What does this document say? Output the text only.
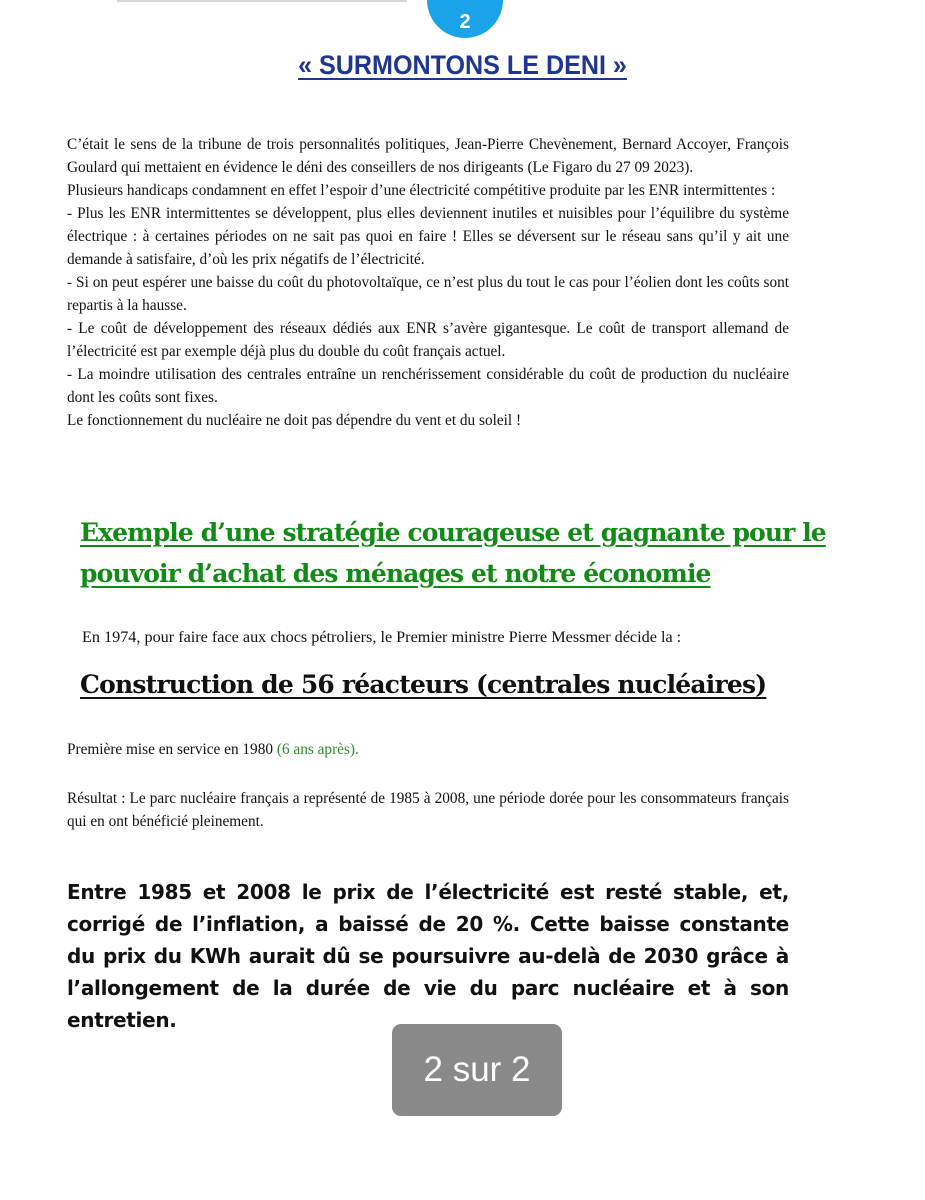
2
« SURMONTONS LE DENI »

C’était le sens de la tribune de trois personnalités politiques, Jean-Pierre Chevènement, Bernard Accoyer, François Goulard qui mettaient en évidence le déni des conseillers de nos dirigeants (Le Figaro du 27 09 2023).

Plusieurs handicaps condamnent en effet l’espoir d’une électricité compétitive produite par les ENR intermittentes :

- Plus les ENR intermittentes se développent, plus elles deviennent inutiles et nuisibles pour l’équilibre du système électrique : à certaines périodes on ne sait pas quoi en faire ! Elles se déversent sur le réseau sans qu’il y ait une demande à satisfaire, d’où les prix négatifs de l’électricité.

- Si on peut espérer une baisse du coût du photovoltaïque, ce n’est plus du tout le cas pour l’éolien dont les coûts sont repartis à la hausse.

- Le coût de développement des réseaux dédiés aux ENR s’avère gigantesque. Le coût de transport allemand de l’électricité est par exemple déjà plus du double du coût français actuel.

- La moindre utilisation des centrales entraîne un renchérissement considérable du coût de production du nucléaire dont les coûts sont fixes.

Le fonctionnement du nucléaire ne doit pas dépendre du vent et du soleil !

Exemple d’une stratégie courageuse et gagnante pour le pouvoir d’achat des ménages et notre économie
En 1974, pour faire face aux chocs pétroliers, le Premier ministre Pierre Messmer décide la :
Construction de 56 réacteurs (centrales nucléaires)
Première mise en service en 1980 (6 ans après).
Résultat : Le parc nucléaire français a représenté de 1985 à 2008, une période dorée pour les consommateurs français qui en ont bénéficié pleinement.
Entre 1985 et 2008 le prix de l’électricité est resté stable, et, corrigé de l’inflation, a baissé de 20 %. Cette baisse constante du prix du KWh aurait dû se poursuivre au-delà de 2030 grâce à l’allongement de la durée de vie du parc nucléaire et à son entretien.
2 sur 2
